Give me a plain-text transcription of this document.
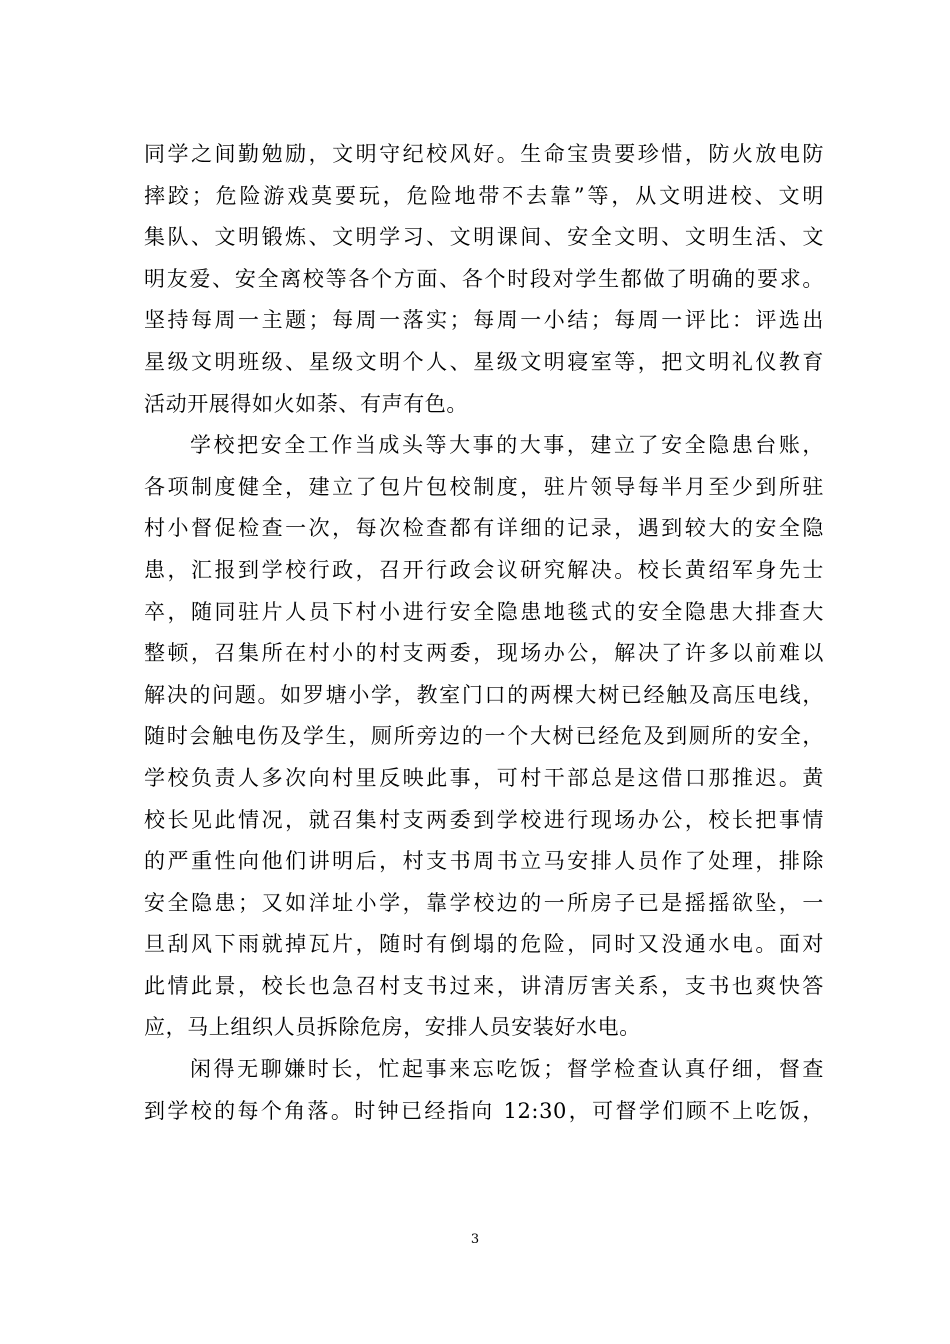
同学之间勤勉励，文明守纪校风好。生命宝贵要珍惜，防火放电防
摔跤；危险游戏莫要玩，危险地带不去靠”等，从文明进校、文明
集队、文明锻炼、文明学习、文明课间、安全文明、文明生活、文
明友爱、安全离校等各个方面、各个时段对学生都做了明确的要求。
坚持每周一主题；每周一落实；每周一小结；每周一评比：评选出
星级文明班级、星级文明个人、星级文明寝室等，把文明礼仪教育
活动开展得如火如荼、有声有色。
学校把安全工作当成头等大事的大事，建立了安全隐患台账，
各项制度健全，建立了包片包校制度，驻片领导每半月至少到所驻
村小督促检查一次，每次检查都有详细的记录，遇到较大的安全隐
患，汇报到学校行政，召开行政会议研究解决。校长黄绍军身先士
卒，随同驻片人员下村小进行安全隐患地毯式的安全隐患大排查大
整顿，召集所在村小的村支两委，现场办公，解决了许多以前难以
解决的问题。如罗塘小学，教室门口的两棵大树已经触及高压电线，
随时会触电伤及学生，厕所旁边的一个大树已经危及到厕所的安全，
学校负责人多次向村里反映此事，可村干部总是这借口那推迟。黄
校长见此情况，就召集村支两委到学校进行现场办公，校长把事情
的严重性向他们讲明后，村支书周书立马安排人员作了处理，排除
安全隐患；又如洋址小学，靠学校边的一所房子已是摇摇欲坠，一
旦刮风下雨就掉瓦片，随时有倒塌的危险，同时又没通水电。面对
此情此景，校长也急召村支书过来，讲清厉害关系，支书也爽快答
应，马上组织人员拆除危房，安排人员安装好水电。
闲得无聊嫌时长，忙起事来忘吃饭；督学检查认真仔细，督查
到学校的每个角落。时钟已经指向 12:30，可督学们顾不上吃饭，
3
